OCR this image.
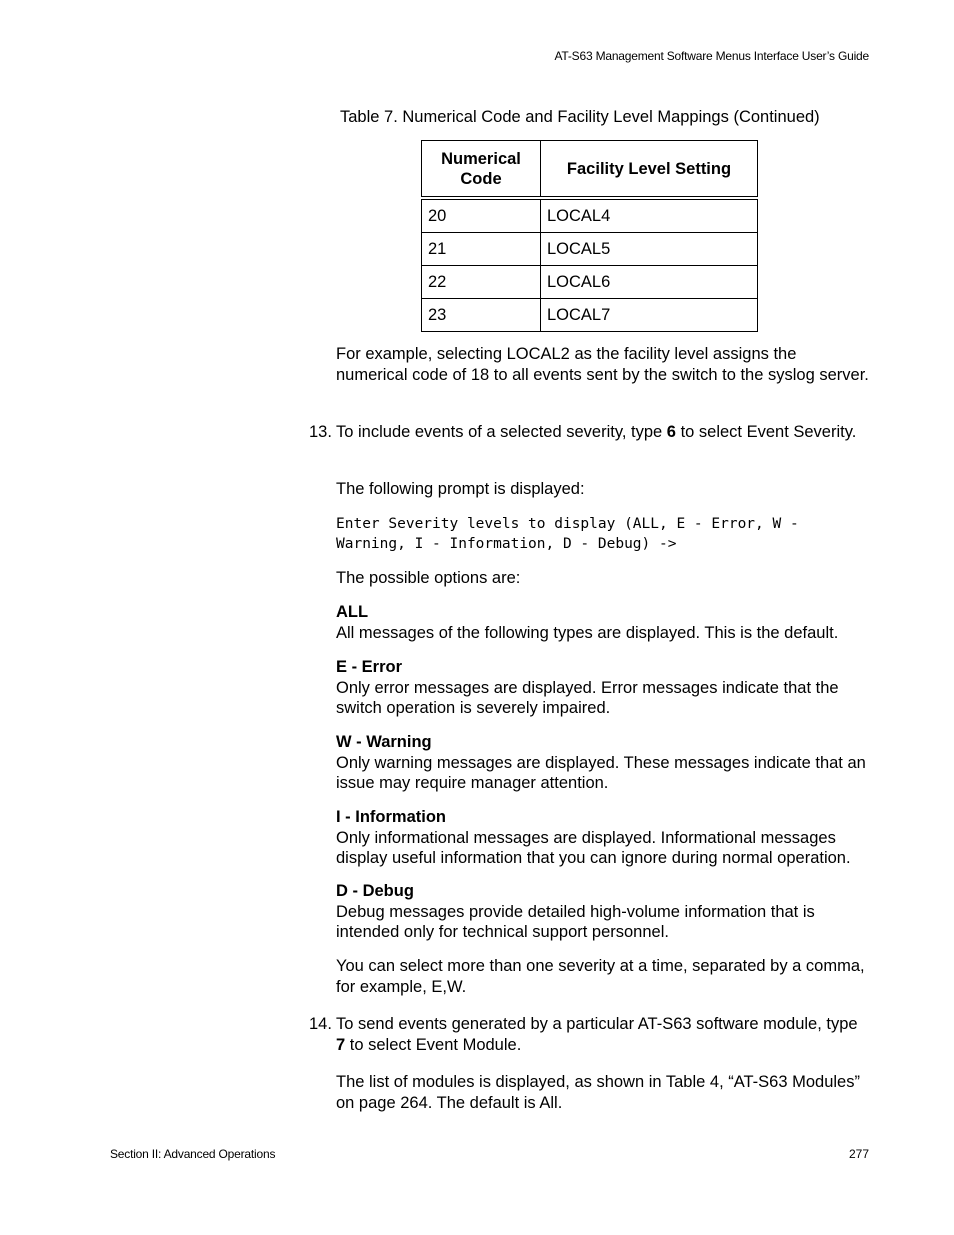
AT-S63 Management Software Menus Interface User’s Guide
Table 7. Numerical Code and Facility Level Mappings (Continued)
Numerical Code	Facility Level Setting
20	LOCAL4
21	LOCAL5
22	LOCAL6
23	LOCAL7
For example, selecting LOCAL2 as the facility level assigns the numerical code of 18 to all events sent by the switch to the syslog server.
13. To include events of a selected severity, type 6 to select Event Severity.
The following prompt is displayed:
Enter Severity levels to display (ALL, E - Error, W -
Warning, I - Information, D - Debug) ->
The possible options are:
ALL
All messages of the following types are displayed. This is the default.
E - Error
Only error messages are displayed. Error messages indicate that the switch operation is severely impaired.
W - Warning
Only warning messages are displayed. These messages indicate that an issue may require manager attention.
I - Information
Only informational messages are displayed. Informational messages display useful information that you can ignore during normal operation.
D - Debug
Debug messages provide detailed high-volume information that is intended only for technical support personnel.
You can select more than one severity at a time, separated by a comma, for example, E,W.
14. To send events generated by a particular AT-S63 software module, type 7 to select Event Module.
The list of modules is displayed, as shown in Table 4, “AT-S63 Modules” on page 264. The default is All.
Section II: Advanced Operations	277
